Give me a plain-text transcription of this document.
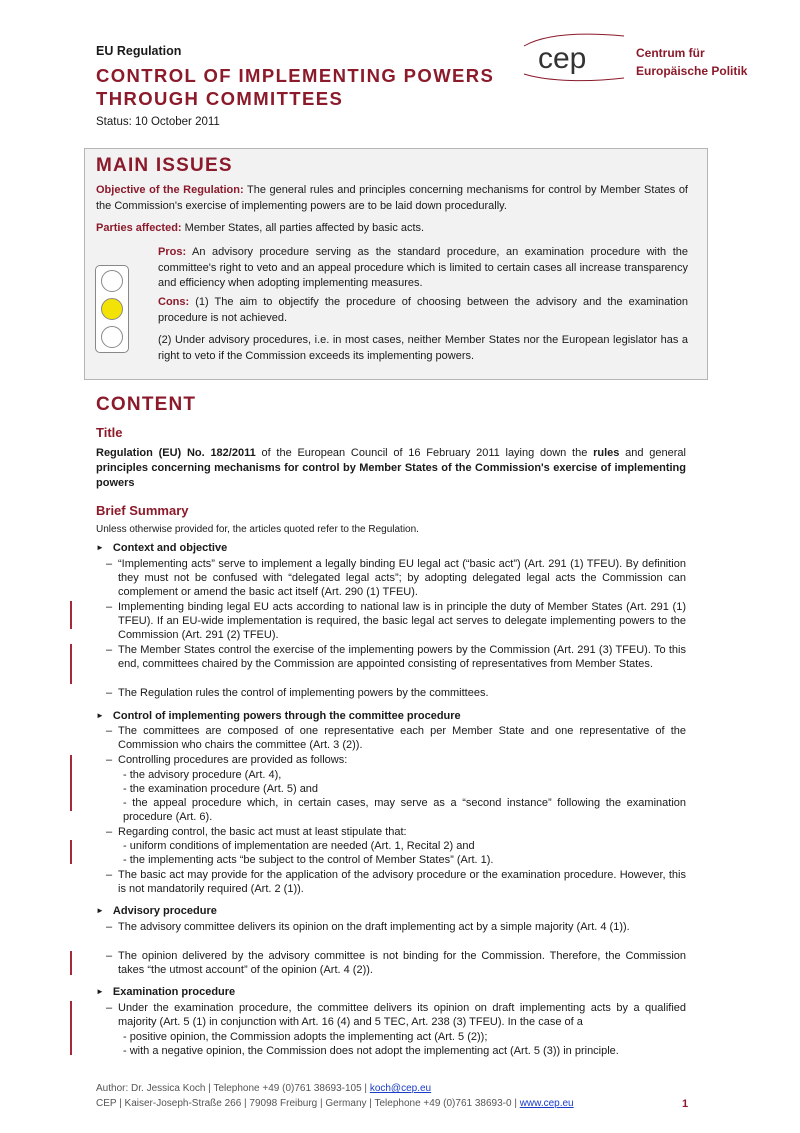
EU Regulation
CONTROL OF IMPLEMENTING POWERS THROUGH COMMITTEES
Status: 10 October 2011
cep	Centrum für
Europäische Politik
MAIN ISSUES
Objective of the Regulation: The general rules and principles concerning mechanisms for control by Member States of the Commission's exercise of implementing powers are to be laid down procedurally.
Parties affected: Member States, all parties affected by basic acts.
Pros: An advisory procedure serving as the standard procedure, an examination procedure with the committee's right to veto and an appeal procedure which is limited to certain cases all increase transparency and efficiency when adopting implementing measures.
Cons: (1) The aim to objectify the procedure of choosing between the advisory and the examination procedure is not achieved.
(2) Under advisory procedures, i.e. in most cases, neither Member States nor the European legislator has a right to veto if the Commission exceeds its implementing powers.
CONTENT
Title
Regulation (EU) No. 182/2011 of the European Council of 16 February 2011 laying down the rules and general principles concerning mechanisms for control by Member States of the Commission's exercise of implementing powers
Brief Summary
Unless otherwise provided for, the articles quoted refer to the Regulation.
► Context and objective
– “Implementing acts” serve to implement a legally binding EU legal act (“basic act”) (Art. 291 (1) TFEU). By definition they must not be confused with “delegated legal acts”; by adopting delegated legal acts the Commission can complement or amend the basic act itself (Art. 290 (1) TFEU).
– Implementing binding legal EU acts according to national law is in principle the duty of Member States (Art. 291 (1) TFEU). If an EU-wide implementation is required, the basic legal act serves to delegate implementing powers to the Commission (Art. 291 (2) TFEU).
– The Member States control the exercise of the implementing powers by the Commission (Art. 291 (3) TFEU). To this end, committees chaired by the Commission are appointed consisting of representatives from Member States.
– The Regulation rules the control of implementing powers by the committees.
► Control of implementing powers through the committee procedure
– The committees are composed of one representative each per Member State and one representative of the Commission who chairs the committee (Art. 3 (2)).
– Controlling procedures are provided as follows:
- the advisory procedure (Art. 4),
- the examination procedure (Art. 5) and
- the appeal procedure which, in certain cases, may serve as a “second instance” following the examination procedure (Art. 6).
– Regarding control, the basic act must at least stipulate that:
- uniform conditions of implementation are needed (Art. 1, Recital 2) and
- the implementing acts “be subject to the control of Member States” (Art. 1).
– The basic act may provide for the application of the advisory procedure or the examination procedure. However, this is not mandatorily required (Art. 2 (1)).
► Advisory procedure
– The advisory committee delivers its opinion on the draft implementing act by a simple majority (Art. 4 (1)).
– The opinion delivered by the advisory committee is not binding for the Commission. Therefore, the Commission takes “the utmost account” of the opinion (Art. 4 (2)).
► Examination procedure
– Under the examination procedure, the committee delivers its opinion on draft implementing acts by a qualified majority (Art. 5 (1) in conjunction with Art. 16 (4) and 5 TEC, Art. 238 (3) TFEU). In the case of a
- positive opinion, the Commission adopts the implementing act (Art. 5 (2));
- with a negative opinion, the Commission does not adopt the implementing act (Art. 5 (3)) in principle.
Author: Dr. Jessica Koch | Telephone +49 (0)761 38693-105 | koch@cep.eu
CEP | Kaiser-Joseph-Straße 266 | 79098 Freiburg | Germany | Telephone +49 (0)761 38693-0 | www.cep.eu	1
